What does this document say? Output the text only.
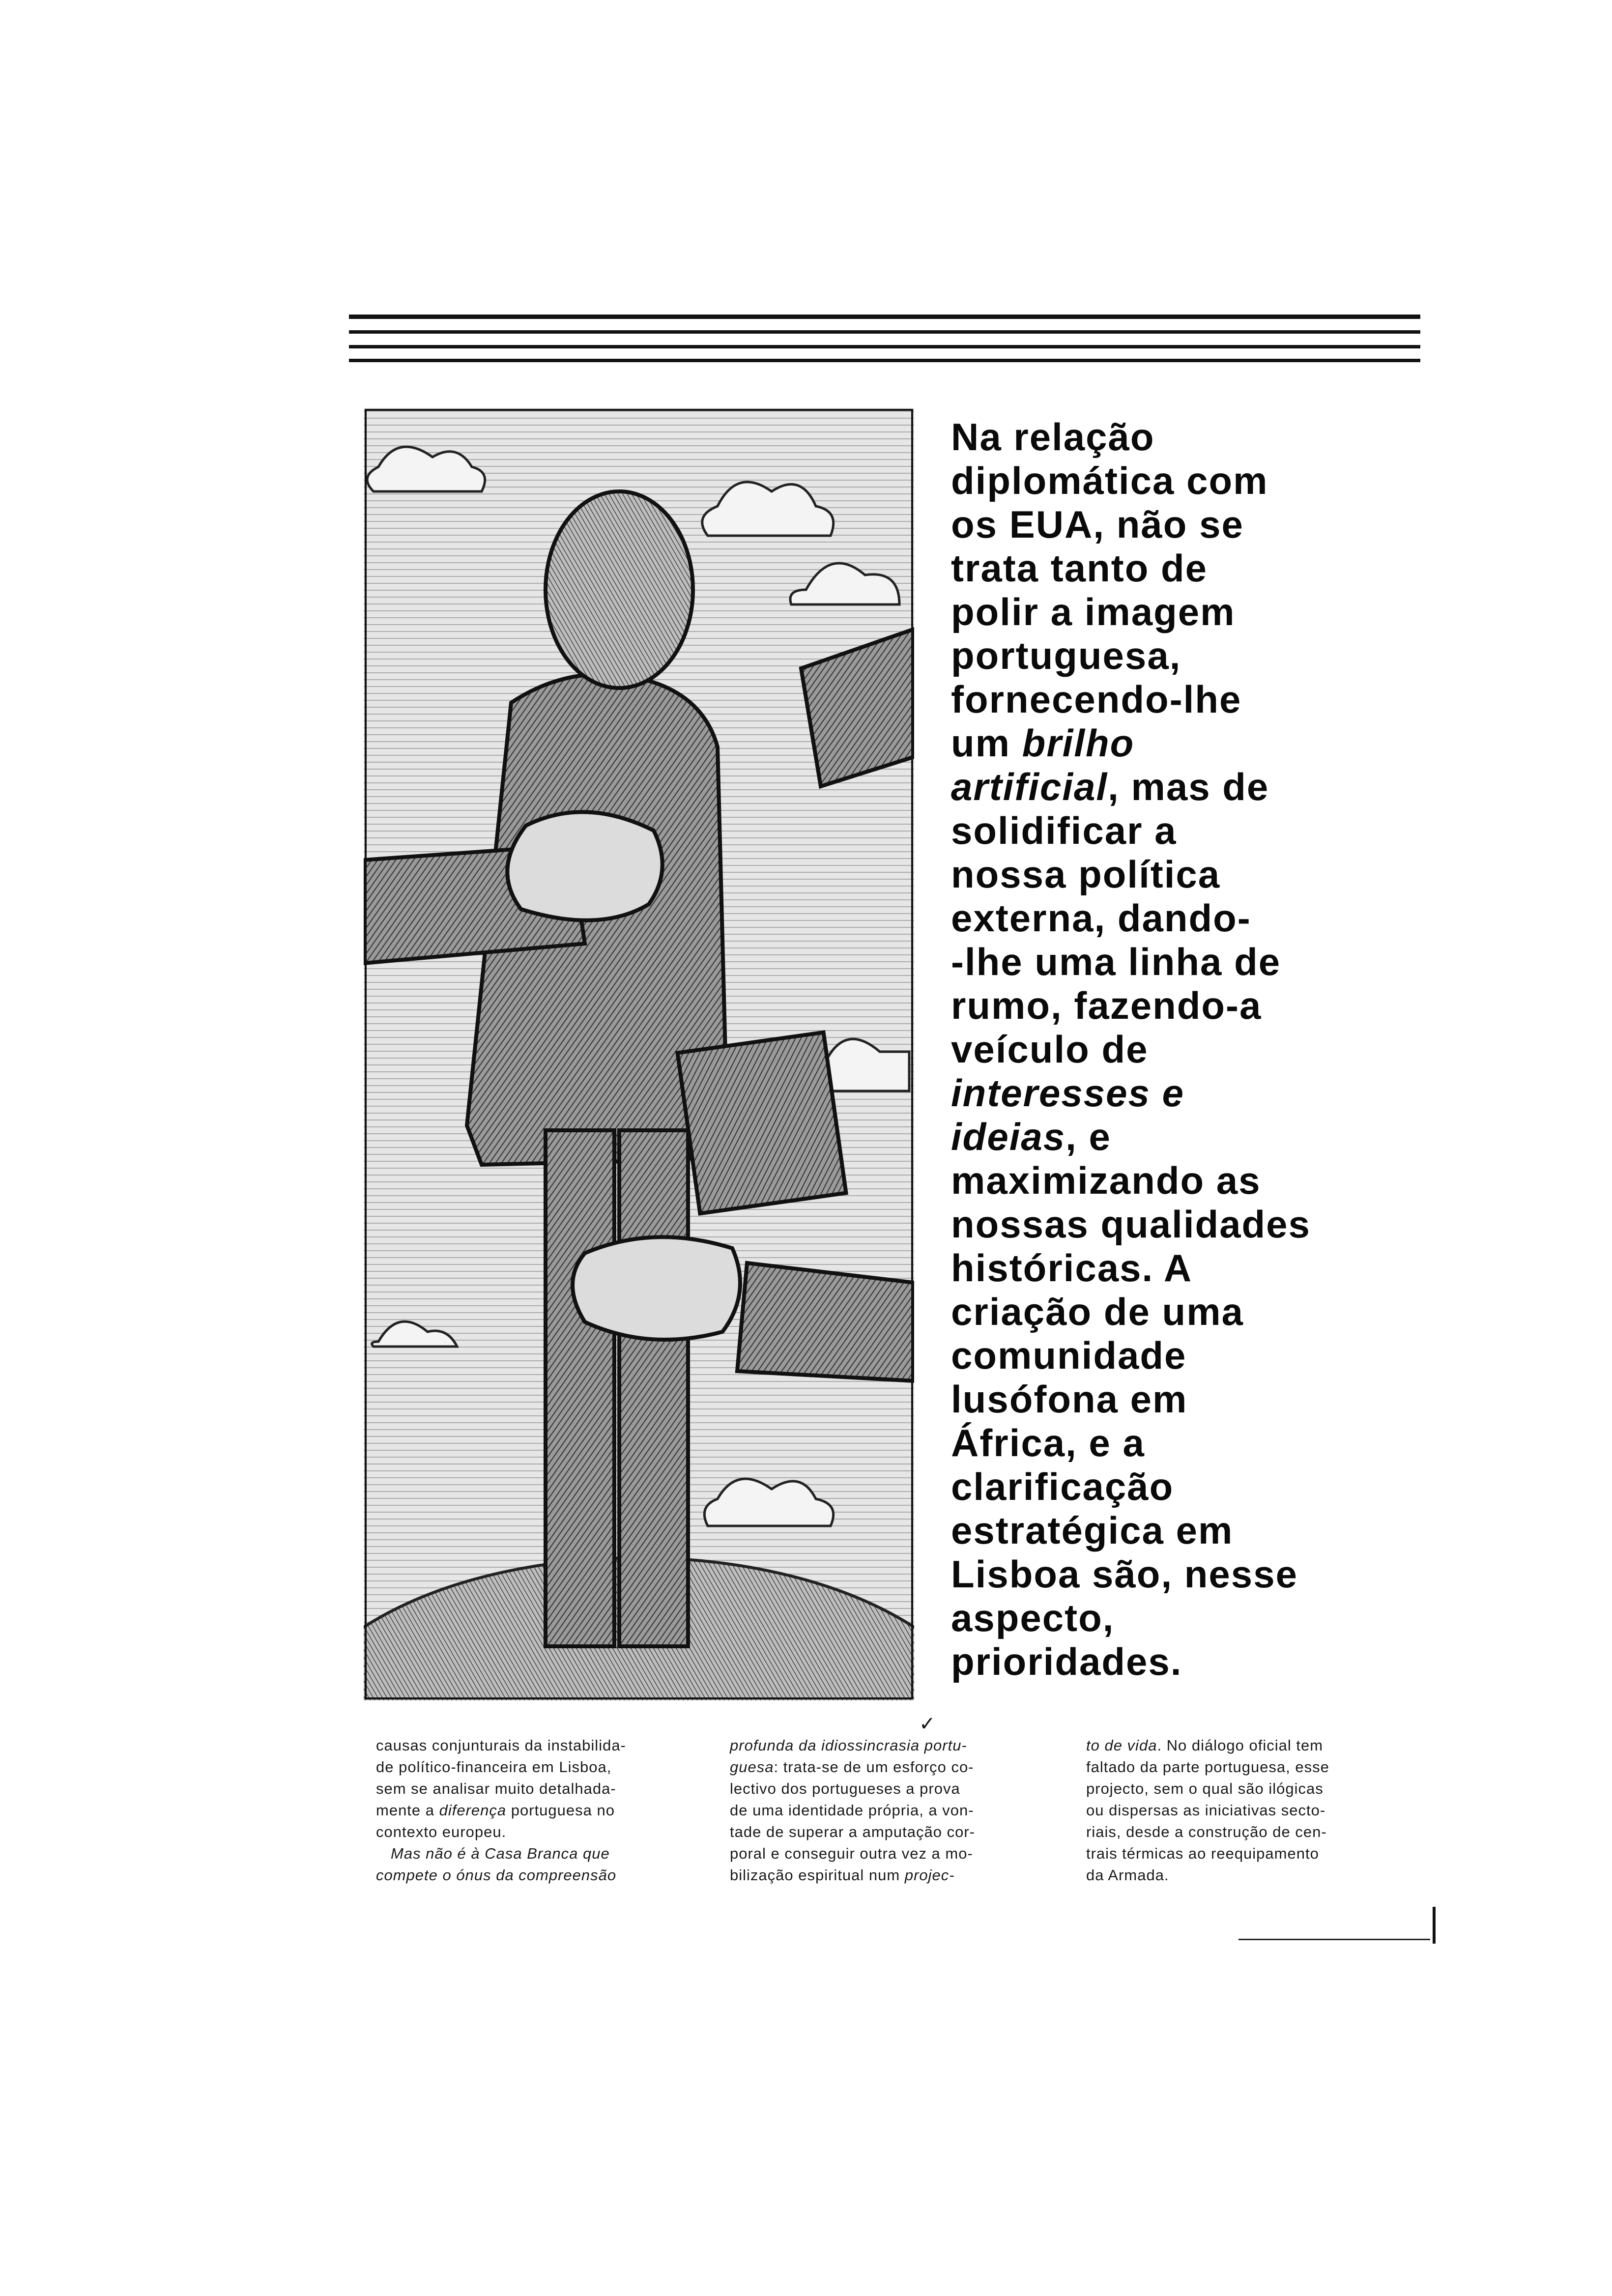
Na relação
diplomática com
os EUA, não se
trata tanto de
polir a imagem
portuguesa,
fornecendo-lhe
um brilho
artificial, mas de
solidificar a
nossa política
externa, dando-
-lhe uma linha de
rumo, fazendo-a
veículo de
interesses e
ideias, e
maximizando as
nossas qualidades
históricas. A
criação de uma
comunidade
lusófona em
África, e a
clarificação
estratégica em
Lisboa são, nesse
aspecto,
prioridades.
✓
causas conjunturais da instabilida-
de político-financeira em Lisboa,
sem se analisar muito detalhada-
mente a diferença portuguesa no
contexto europeu.
Mas não é à Casa Branca que
compete o ónus da compreensão
profunda da idiossincrasia portu-
guesa: trata-se de um esforço co-
lectivo dos portugueses a prova
de uma identidade própria, a von-
tade de superar a amputação cor-
poral e conseguir outra vez a mo-
bilização espiritual num projec-
to de vida. No diálogo oficial tem
faltado da parte portuguesa, esse
projecto, sem o qual são ilógicas
ou dispersas as iniciativas secto-
riais, desde a construção de cen-
trais térmicas ao reequipamento
da Armada.
